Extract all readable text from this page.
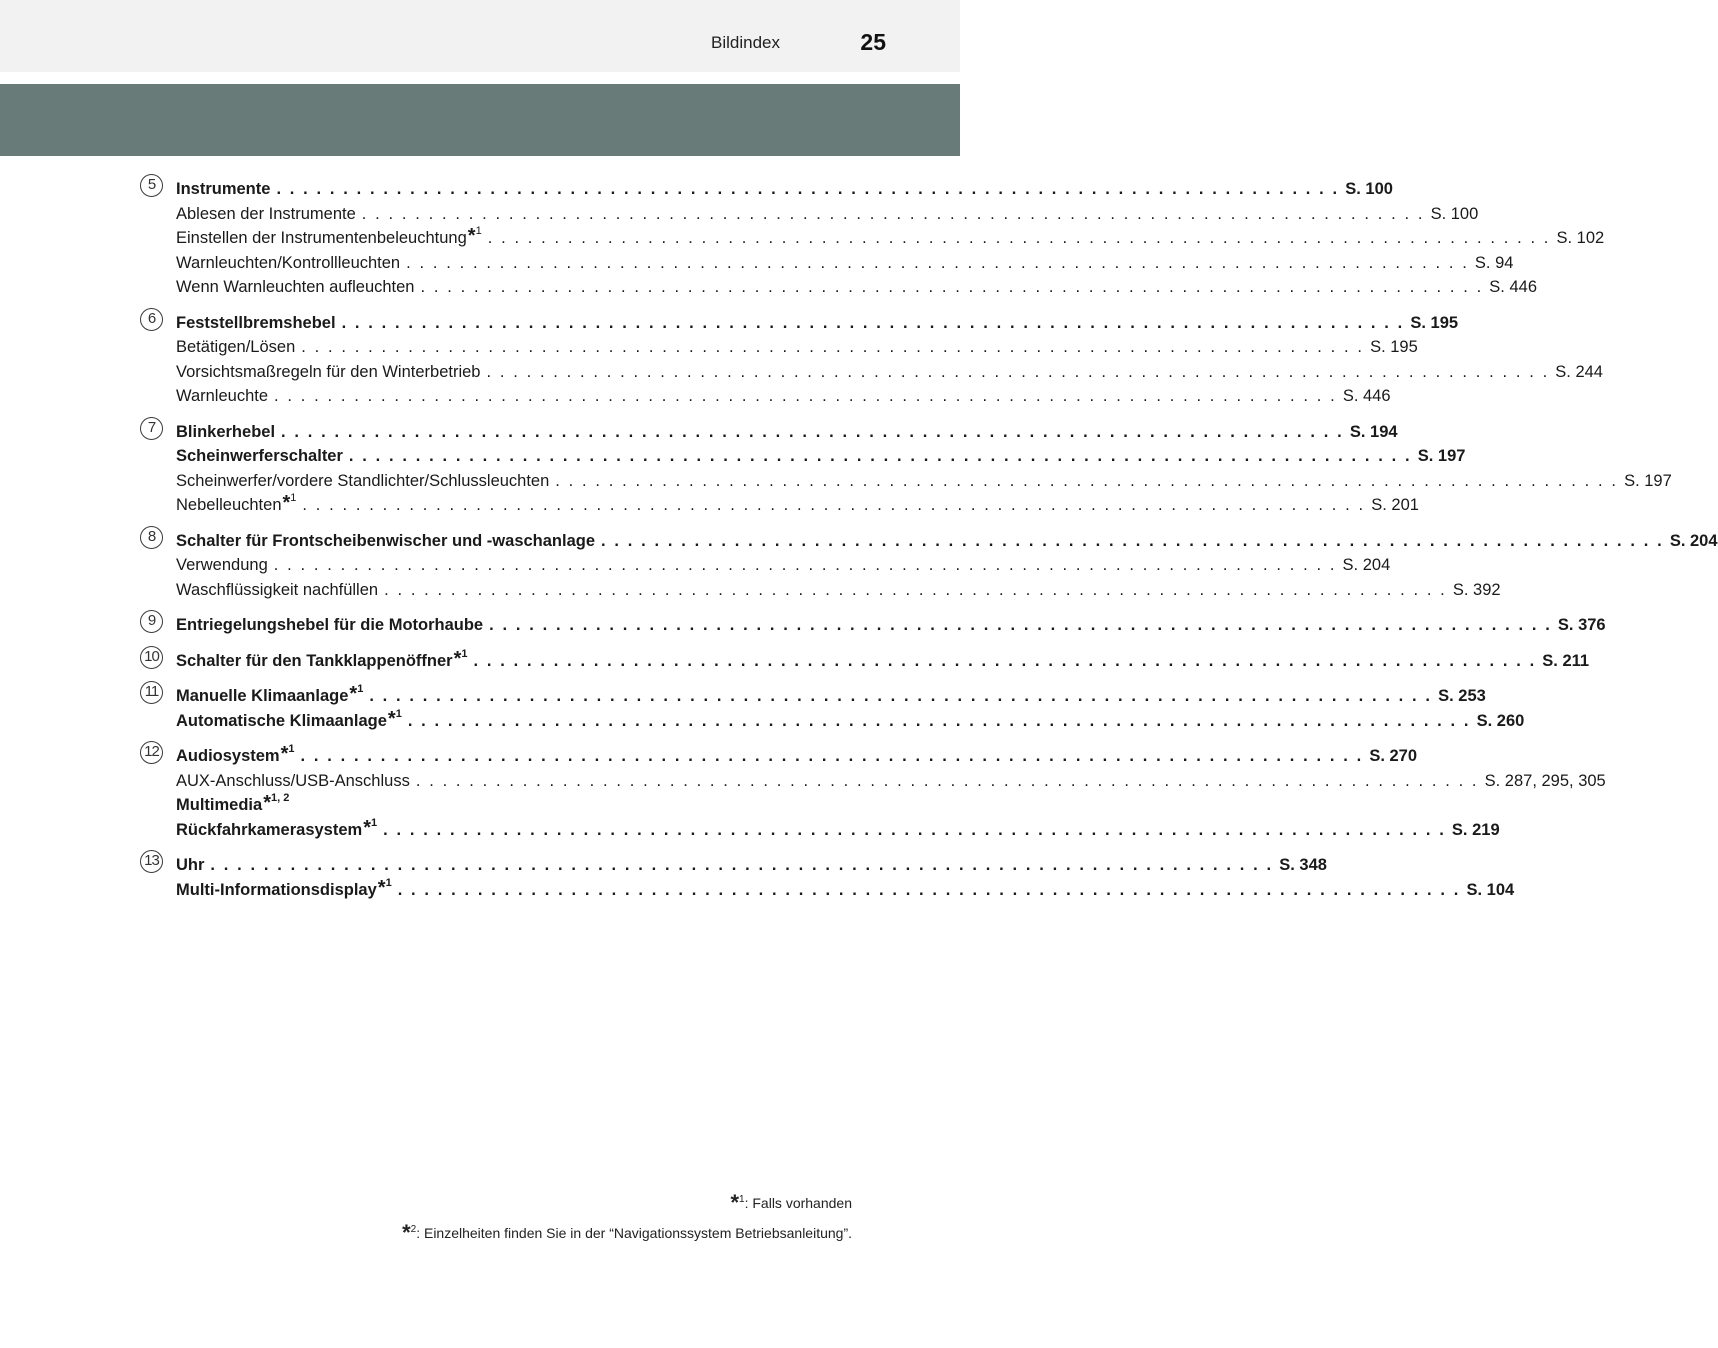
Bildindex	25
5	Instrumente . . . . . . . . . . . . . . . . . . . . . . . . . . . . . . . . . . . . . . . . . . . . . . . . . . . . . . . . . . . . . . . . . . . . . . . . . . . . . . . . S. 100
Ablesen der Instrumente . . . . . . . . . . . . . . . . . . . . . . . . . . . . . . . . . . . . . . . . . . . . . . . . . . . . . . . . . . . . . . . . . . . . . . . . . . . . . . . . S. 100
Einstellen der Instrumentenbeleuchtung*$^1$ . . . . . . . . . . . . . . . . . . . . . . . . . . . . . . . . . . . . . . . . . . . . . . . . . . . . . . . . . . . . . . . . . . . . . . . . . . . . . . . . S. 102
Warnleuchten/Kontrollleuchten . . . . . . . . . . . . . . . . . . . . . . . . . . . . . . . . . . . . . . . . . . . . . . . . . . . . . . . . . . . . . . . . . . . . . . . . . . . . . . . . S. 94
Wenn Warnleuchten aufleuchten . . . . . . . . . . . . . . . . . . . . . . . . . . . . . . . . . . . . . . . . . . . . . . . . . . . . . . . . . . . . . . . . . . . . . . . . . . . . . . . . S. 446
6	Feststellbremshebel . . . . . . . . . . . . . . . . . . . . . . . . . . . . . . . . . . . . . . . . . . . . . . . . . . . . . . . . . . . . . . . . . . . . . . . . . . . . . . . . S. 195
Betätigen/Lösen . . . . . . . . . . . . . . . . . . . . . . . . . . . . . . . . . . . . . . . . . . . . . . . . . . . . . . . . . . . . . . . . . . . . . . . . . . . . . . . . S. 195
Vorsichtsmaßregeln für den Winterbetrieb . . . . . . . . . . . . . . . . . . . . . . . . . . . . . . . . . . . . . . . . . . . . . . . . . . . . . . . . . . . . . . . . . . . . . . . . . . . . . . . . S. 244
Warnleuchte . . . . . . . . . . . . . . . . . . . . . . . . . . . . . . . . . . . . . . . . . . . . . . . . . . . . . . . . . . . . . . . . . . . . . . . . . . . . . . . . S. 446
7	Blinkerhebel . . . . . . . . . . . . . . . . . . . . . . . . . . . . . . . . . . . . . . . . . . . . . . . . . . . . . . . . . . . . . . . . . . . . . . . . . . . . . . . . S. 194
Scheinwerferschalter . . . . . . . . . . . . . . . . . . . . . . . . . . . . . . . . . . . . . . . . . . . . . . . . . . . . . . . . . . . . . . . . . . . . . . . . . . . . . . . . S. 197
Scheinwerfer/vordere Standlichter/Schlussleuchten . . . . . . . . . . . . . . . . . . . . . . . . . . . . . . . . . . . . . . . . . . . . . . . . . . . . . . . . . . . . . . . . . . . . . . . . . . . . . . . . S. 197
Nebelleuchten*$^1$ . . . . . . . . . . . . . . . . . . . . . . . . . . . . . . . . . . . . . . . . . . . . . . . . . . . . . . . . . . . . . . . . . . . . . . . . . . . . . . . . S. 201
8	Schalter für Frontscheibenwischer und -waschanlage . . . . . . . . . . . . . . . . . . . . . . . . . . . . . . . . . . . . . . . . . . . . . . . . . . . . . . . . . . . . . . . . . . . . . . . . . . . . . . . . S. 204
Verwendung . . . . . . . . . . . . . . . . . . . . . . . . . . . . . . . . . . . . . . . . . . . . . . . . . . . . . . . . . . . . . . . . . . . . . . . . . . . . . . . . S. 204
Waschflüssigkeit nachfüllen . . . . . . . . . . . . . . . . . . . . . . . . . . . . . . . . . . . . . . . . . . . . . . . . . . . . . . . . . . . . . . . . . . . . . . . . . . . . . . . . S. 392
9	Entriegelungshebel für die Motorhaube . . . . . . . . . . . . . . . . . . . . . . . . . . . . . . . . . . . . . . . . . . . . . . . . . . . . . . . . . . . . . . . . . . . . . . . . . . . . . . . . S. 376
10 Schalter für den Tankklappenöffner*$^1$ . . . . . . . . . . . . . . . . . . . . . . . . . . . . . . . . . . . . . . . . . . . . . . . . . . . . . . . . . . . . . . . . . . . . . . . . . . . . . . . . S. 211
11 Manuelle Klimaanlage*$^1$ . . . . . . . . . . . . . . . . . . . . . . . . . . . . . . . . . . . . . . . . . . . . . . . . . . . . . . . . . . . . . . . . . . . . . . . . . . . . . . . . S. 253
Automatische Klimaanlage*$^1$ . . . . . . . . . . . . . . . . . . . . . . . . . . . . . . . . . . . . . . . . . . . . . . . . . . . . . . . . . . . . . . . . . . . . . . . . . . . . . . . . S. 260
12 Audiosystem*$^1$ . . . . . . . . . . . . . . . . . . . . . . . . . . . . . . . . . . . . . . . . . . . . . . . . . . . . . . . . . . . . . . . . . . . . . . . . . . . . . . . . S. 270
AUX-Anschluss/USB-Anschluss . . . . . . . . . . . . . . . . . . . . . . . . . . . . . . . . . . . . . . . . . . . . . . . . . . . . . . . . . . . . . . . . . . . . . . . . . . . . . . . . S. 287, 295, 305
Multimedia*$^{1, 2}$
Rückfahrkamerasystem*$^1$ . . . . . . . . . . . . . . . . . . . . . . . . . . . . . . . . . . . . . . . . . . . . . . . . . . . . . . . . . . . . . . . . . . . . . . . . . . . . . . . . S. 219
13 Uhr . . . . . . . . . . . . . . . . . . . . . . . . . . . . . . . . . . . . . . . . . . . . . . . . . . . . . . . . . . . . . . . . . . . . . . . . . . . . . . . . S. 348
Multi-Informationsdisplay*$^1$ . . . . . . . . . . . . . . . . . . . . . . . . . . . . . . . . . . . . . . . . . . . . . . . . . . . . . . . . . . . . . . . . . . . . . . . . . . . . . . . . S. 104
*$^1$: Falls vorhanden
*$^2$: Einzelheiten finden Sie in der “Navigationssystem Betriebsanleitung”.
